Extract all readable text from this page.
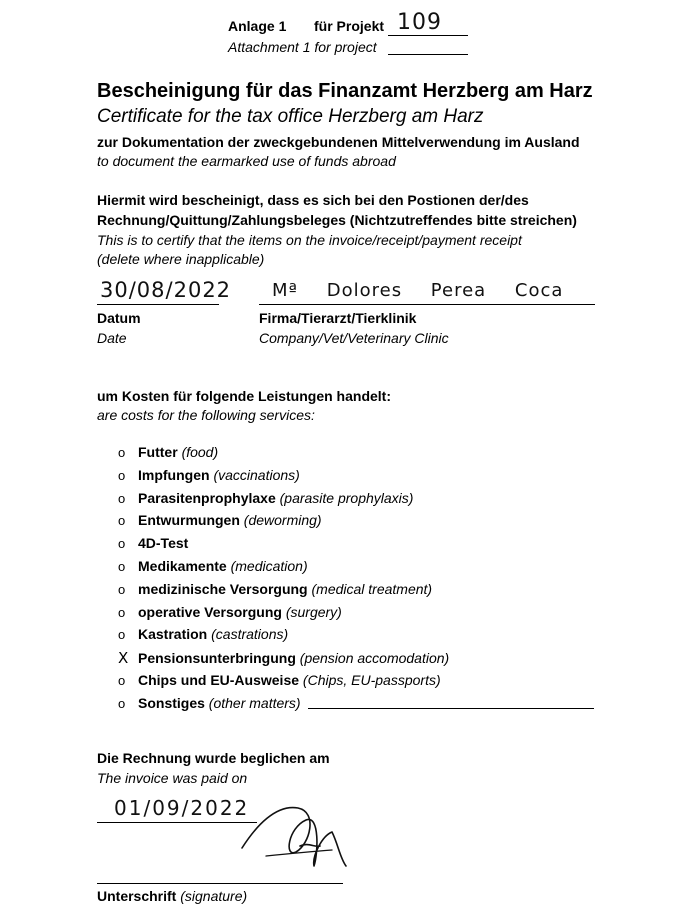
Anlage 1 für Projekt 109
Attachment 1 for project
Bescheinigung für das Finanzamt Herzberg am Harz
Certificate for the tax office Herzberg am Harz
zur Dokumentation der zweckgebundenen Mittelverwendung im Ausland
to document the earmarked use of funds abroad
Hiermit wird bescheinigt, dass es sich bei den Postionen der/des
Rechnung/Quittung/Zahlungsbeleges (Nichtzutreffendes bitte streichen)
This is to certify that the items on the invoice/receipt/payment receipt
(delete where inapplicable)
30/08/2022
Datum
Date
Mª Dolores Perea Coca
Firma/Tierarzt/Tierklinik
Company/Vet/Veterinary Clinic
um Kosten für folgende Leistungen handelt:
are costs for the following services:
o Futter (food)
o Impfungen (vaccinations)
o Parasitenprophylaxe (parasite prophylaxis)
o Entwurmungen (deworming)
o 4D-Test
o Medikamente (medication)
o medizinische Versorgung (medical treatment)
o operative Versorgung (surgery)
o Kastration (castrations)
X Pensionsunterbringung (pension accomodation)
o Chips und EU-Ausweise (Chips, EU-passports)
o Sonstiges (other matters)
Die Rechnung wurde beglichen am
The invoice was paid on
01/09/2022
Unterschrift (signature)
